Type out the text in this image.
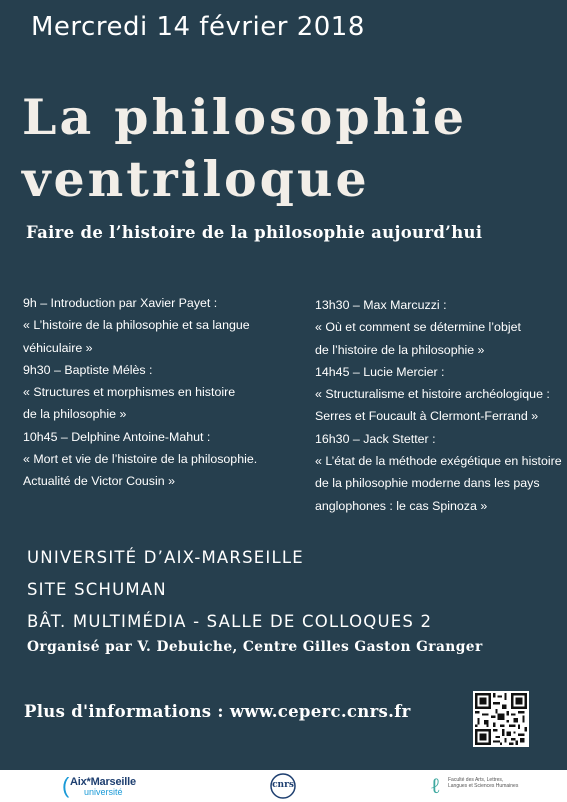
Mercredi 14 février 2018
La philosophie
ventriloque
Faire de l’histoire de la philosophie aujourd’hui
9h – Introduction par Xavier Payet :
« L’histoire de la philosophie et sa langue
véhiculaire »
9h30 – Baptiste Mélès :
« Structures et morphismes en histoire
de la philosophie »
10h45 – Delphine Antoine-Mahut :
« Mort et vie de l’histoire de la philosophie.
Actualité de Victor Cousin »
13h30 – Max Marcuzzi :
« Où et comment se détermine l’objet
de l’histoire de la philosophie »
14h45 – Lucie Mercier :
« Structuralisme et histoire archéologique :
Serres et Foucault à Clermont-Ferrand »
16h30 – Jack Stetter :
« L’état de la méthode exégétique en histoire
de la philosophie moderne dans les pays
anglophones : le cas Spinoza »
UNIVERSITÉ D’AIX-MARSEILLE
SITE SCHUMAN
BÂT. MULTIMÉDIA - SALLE DE COLLOQUES 2
Organisé par V. Debuiche, Centre Gilles Gaston Granger
Plus d'informations : www.ceperc.cnrs.fr
( Aix*Marseille
université
cnrs	ℓ Faculté des Arts, Lettres,
Langues et Sciences Humaines
